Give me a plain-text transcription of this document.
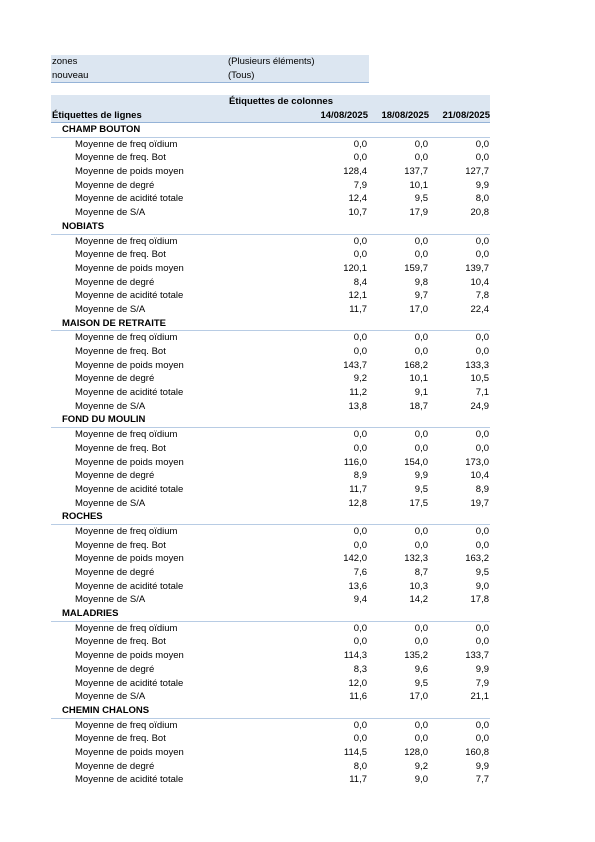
zones	(Plusieurs éléments)
nouveau	(Tous)
Étiquettes de colonnes
Étiquettes de lignes	14/08/2025	18/08/2025	21/08/2025
CHAMP BOUTON
Moyenne de freq oïdium	0,0	0,0	0,0
Moyenne de freq. Bot	0,0	0,0	0,0
Moyenne de poids moyen	128,4	137,7	127,7
Moyenne de degré	7,9	10,1	9,9
Moyenne de acidité totale	12,4	9,5	8,0
Moyenne de S/A	10,7	17,9	20,8
NOBIATS
Moyenne de freq oïdium	0,0	0,0	0,0
Moyenne de freq. Bot	0,0	0,0	0,0
Moyenne de poids moyen	120,1	159,7	139,7
Moyenne de degré	8,4	9,8	10,4
Moyenne de acidité totale	12,1	9,7	7,8
Moyenne de S/A	11,7	17,0	22,4
MAISON DE RETRAITE
Moyenne de freq oïdium	0,0	0,0	0,0
Moyenne de freq. Bot	0,0	0,0	0,0
Moyenne de poids moyen	143,7	168,2	133,3
Moyenne de degré	9,2	10,1	10,5
Moyenne de acidité totale	11,2	9,1	7,1
Moyenne de S/A	13,8	18,7	24,9
FOND DU MOULIN
Moyenne de freq oïdium	0,0	0,0	0,0
Moyenne de freq. Bot	0,0	0,0	0,0
Moyenne de poids moyen	116,0	154,0	173,0
Moyenne de degré	8,9	9,9	10,4
Moyenne de acidité totale	11,7	9,5	8,9
Moyenne de S/A	12,8	17,5	19,7
ROCHES
Moyenne de freq oïdium	0,0	0,0	0,0
Moyenne de freq. Bot	0,0	0,0	0,0
Moyenne de poids moyen	142,0	132,3	163,2
Moyenne de degré	7,6	8,7	9,5
Moyenne de acidité totale	13,6	10,3	9,0
Moyenne de S/A	9,4	14,2	17,8
MALADRIES
Moyenne de freq oïdium	0,0	0,0	0,0
Moyenne de freq. Bot	0,0	0,0	0,0
Moyenne de poids moyen	114,3	135,2	133,7
Moyenne de degré	8,3	9,6	9,9
Moyenne de acidité totale	12,0	9,5	7,9
Moyenne de S/A	11,6	17,0	21,1
CHEMIN CHALONS
Moyenne de freq oïdium	0,0	0,0	0,0
Moyenne de freq. Bot	0,0	0,0	0,0
Moyenne de poids moyen	114,5	128,0	160,8
Moyenne de degré	8,0	9,2	9,9
Moyenne de acidité totale	11,7	9,0	7,7
